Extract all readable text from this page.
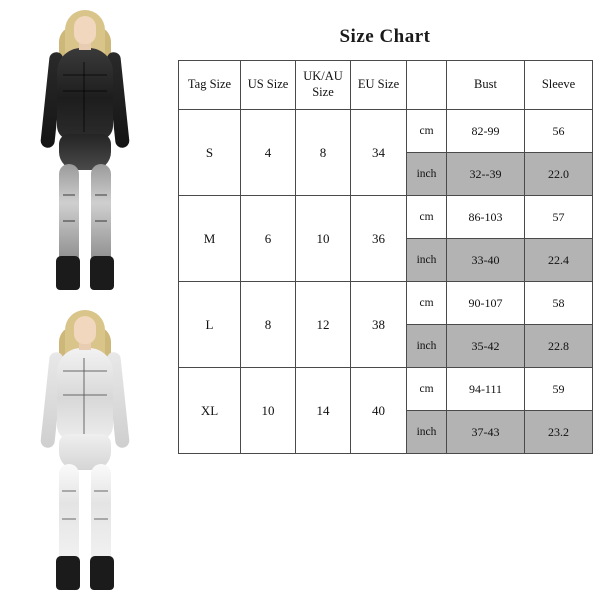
Size Chart
Tag Size	US Size	UK/AU Size	EU Size		Bust	Sleeve
S	4	8	34	cm	82-99	56
				inch	32--39	22.0
M	6	10	36	cm	86-103	57
				inch	33-40	22.4
L	8	12	38	cm	90-107	58
				inch	35-42	22.8
XL	10	14	40	cm	94-111	59
				inch	37-43	23.2
